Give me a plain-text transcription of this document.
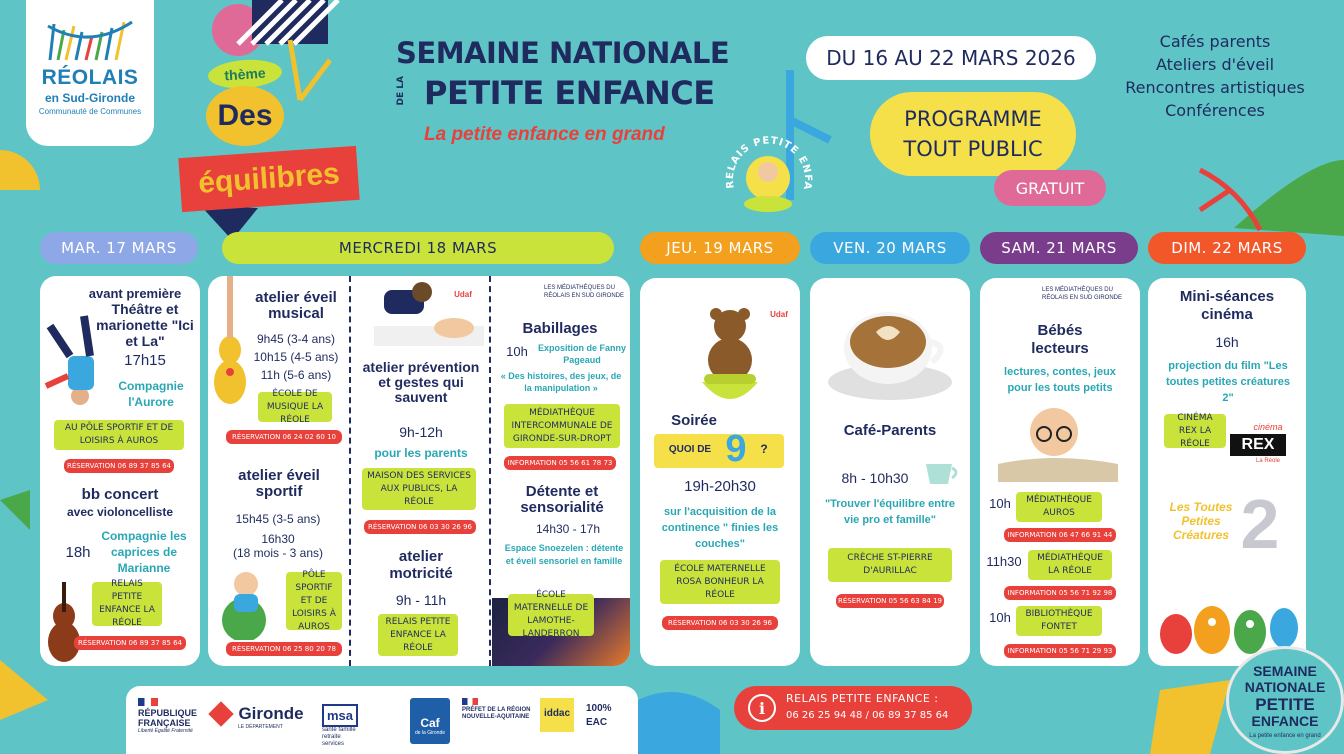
RÉOLAIS
en Sud-Gironde
Communauté de Communes
thème
Des
équilibres
SEMAINE NATIONALE
DE LA PETITE ENFANCE
La petite enfance en grand
RELAIS PETITE ENFA
DU 16 AU 22 MARS 2026
PROGRAMME
TOUT PUBLIC
GRATUIT
Cafés parents
Ateliers d'éveil
Rencontres artistiques
Conférences
MAR. 17 MARS	MERCREDI 18 MARS	JEU. 19 MARS	VEN. 20 MARS	SAM. 21 MARS	DIM. 22 MARS
avant première
Théâtre et marionette "Ici et La"
17h15
Compagnie l'Aurore
AU PÔLE SPORTIF ET DE LOISIRS À AUROS
RÉSERVATION 06 89 37 85 64
bb concert
avec violoncelliste
18h
Compagnie les caprices de Marianne
RELAIS PETITE ENFANCE LA RÉOLE
RÉSERVATION 06 89 37 85 64
atelier éveil musical
9h45 (3-4 ans)
10h15 (4-5 ans)
11h (5-6 ans)
ÉCOLE DE MUSIQUE LA RÉOLE
RÉSERVATION 06 24 02 60 10
atelier éveil sportif
15h45 (3-5 ans)
16h30
(18 mois - 3 ans)
PÔLE SPORTIF ET DE LOISIRS À AUROS
RÉSERVATION 06 25 80 20 78
Udaf
atelier prévention et gestes qui sauvent
9h-12h
pour les parents
MAISON DES SERVICES AUX PUBLICS, LA RÉOLE
RÉSERVATION 06 03 30 26 96
atelier motricité
9h - 11h
RELAIS PETITE ENFANCE LA RÉOLE
LES MÉDIATHÈQUES DU RÉOLAIS EN SUD GIRONDE
Babillages
10h	Exposition de Fanny Pageaud
« Des histoires, des jeux, de la manipulation »
MÉDIATHÈQUE INTERCOMMUNALE DE GIRONDE-SUR-DROPT
INFORMATION 05 56 61 78 73
Détente et sensorialité
14h30 - 17h
Espace Snoezelen : détente et éveil sensoriel en famille
ÉCOLE MATERNELLE DE LAMOTHE-LANDERRON
Udaf
Soirée
QUOI DE 9	?
19h-20h30
sur l'acquisition de la continence " finies les couches"
ÉCOLE MATERNELLE ROSA BONHEUR LA RÉOLE
RÉSERVATION 06 03 30 26 96
Café-Parents
8h - 10h30
"Trouver l'équilibre entre vie pro et famille"
CRÈCHE ST-PIERRE D'AURILLAC
RÉSERVATION 05 56 63 84 19
LES MÉDIATHÈQUES DU RÉOLAIS EN SUD GIRONDE
Bébés lecteurs
lectures, contes, jeux pour les touts petits
10h	MÉDIATHÈQUE AUROS
INFORMATION 06 47 66 91 44
11h30	MÉDIATHÈQUE LA RÉOLE
INFORMATION 05 56 71 92 98
10h	BIBLIOTHÈQUE FONTET
INFORMATION 05 56 71 29 93
Mini-séances cinéma
16h
projection du film "Les toutes petites créatures 2"
CINÉMA REX LA RÉOLE
cinéma
REX
La Réole
Les Toutes Petites Créatures 2
RÉPUBLIQUE FRANÇAISE
Liberté Égalité Fraternité
Gironde
LE DÉPARTEMENT
msa santé famille retraite services
Caf
de la Gironde
PRÉFET DE LA RÉGION NOUVELLE-AQUITAINE	iddac	100% EAC
i	RELAIS PETITE ENFANCE :
06 26 25 94 48 / 06 89 37 85 64
SEMAINE
NATIONALE
PETITE
ENFANCE
La petite enfance en grand
